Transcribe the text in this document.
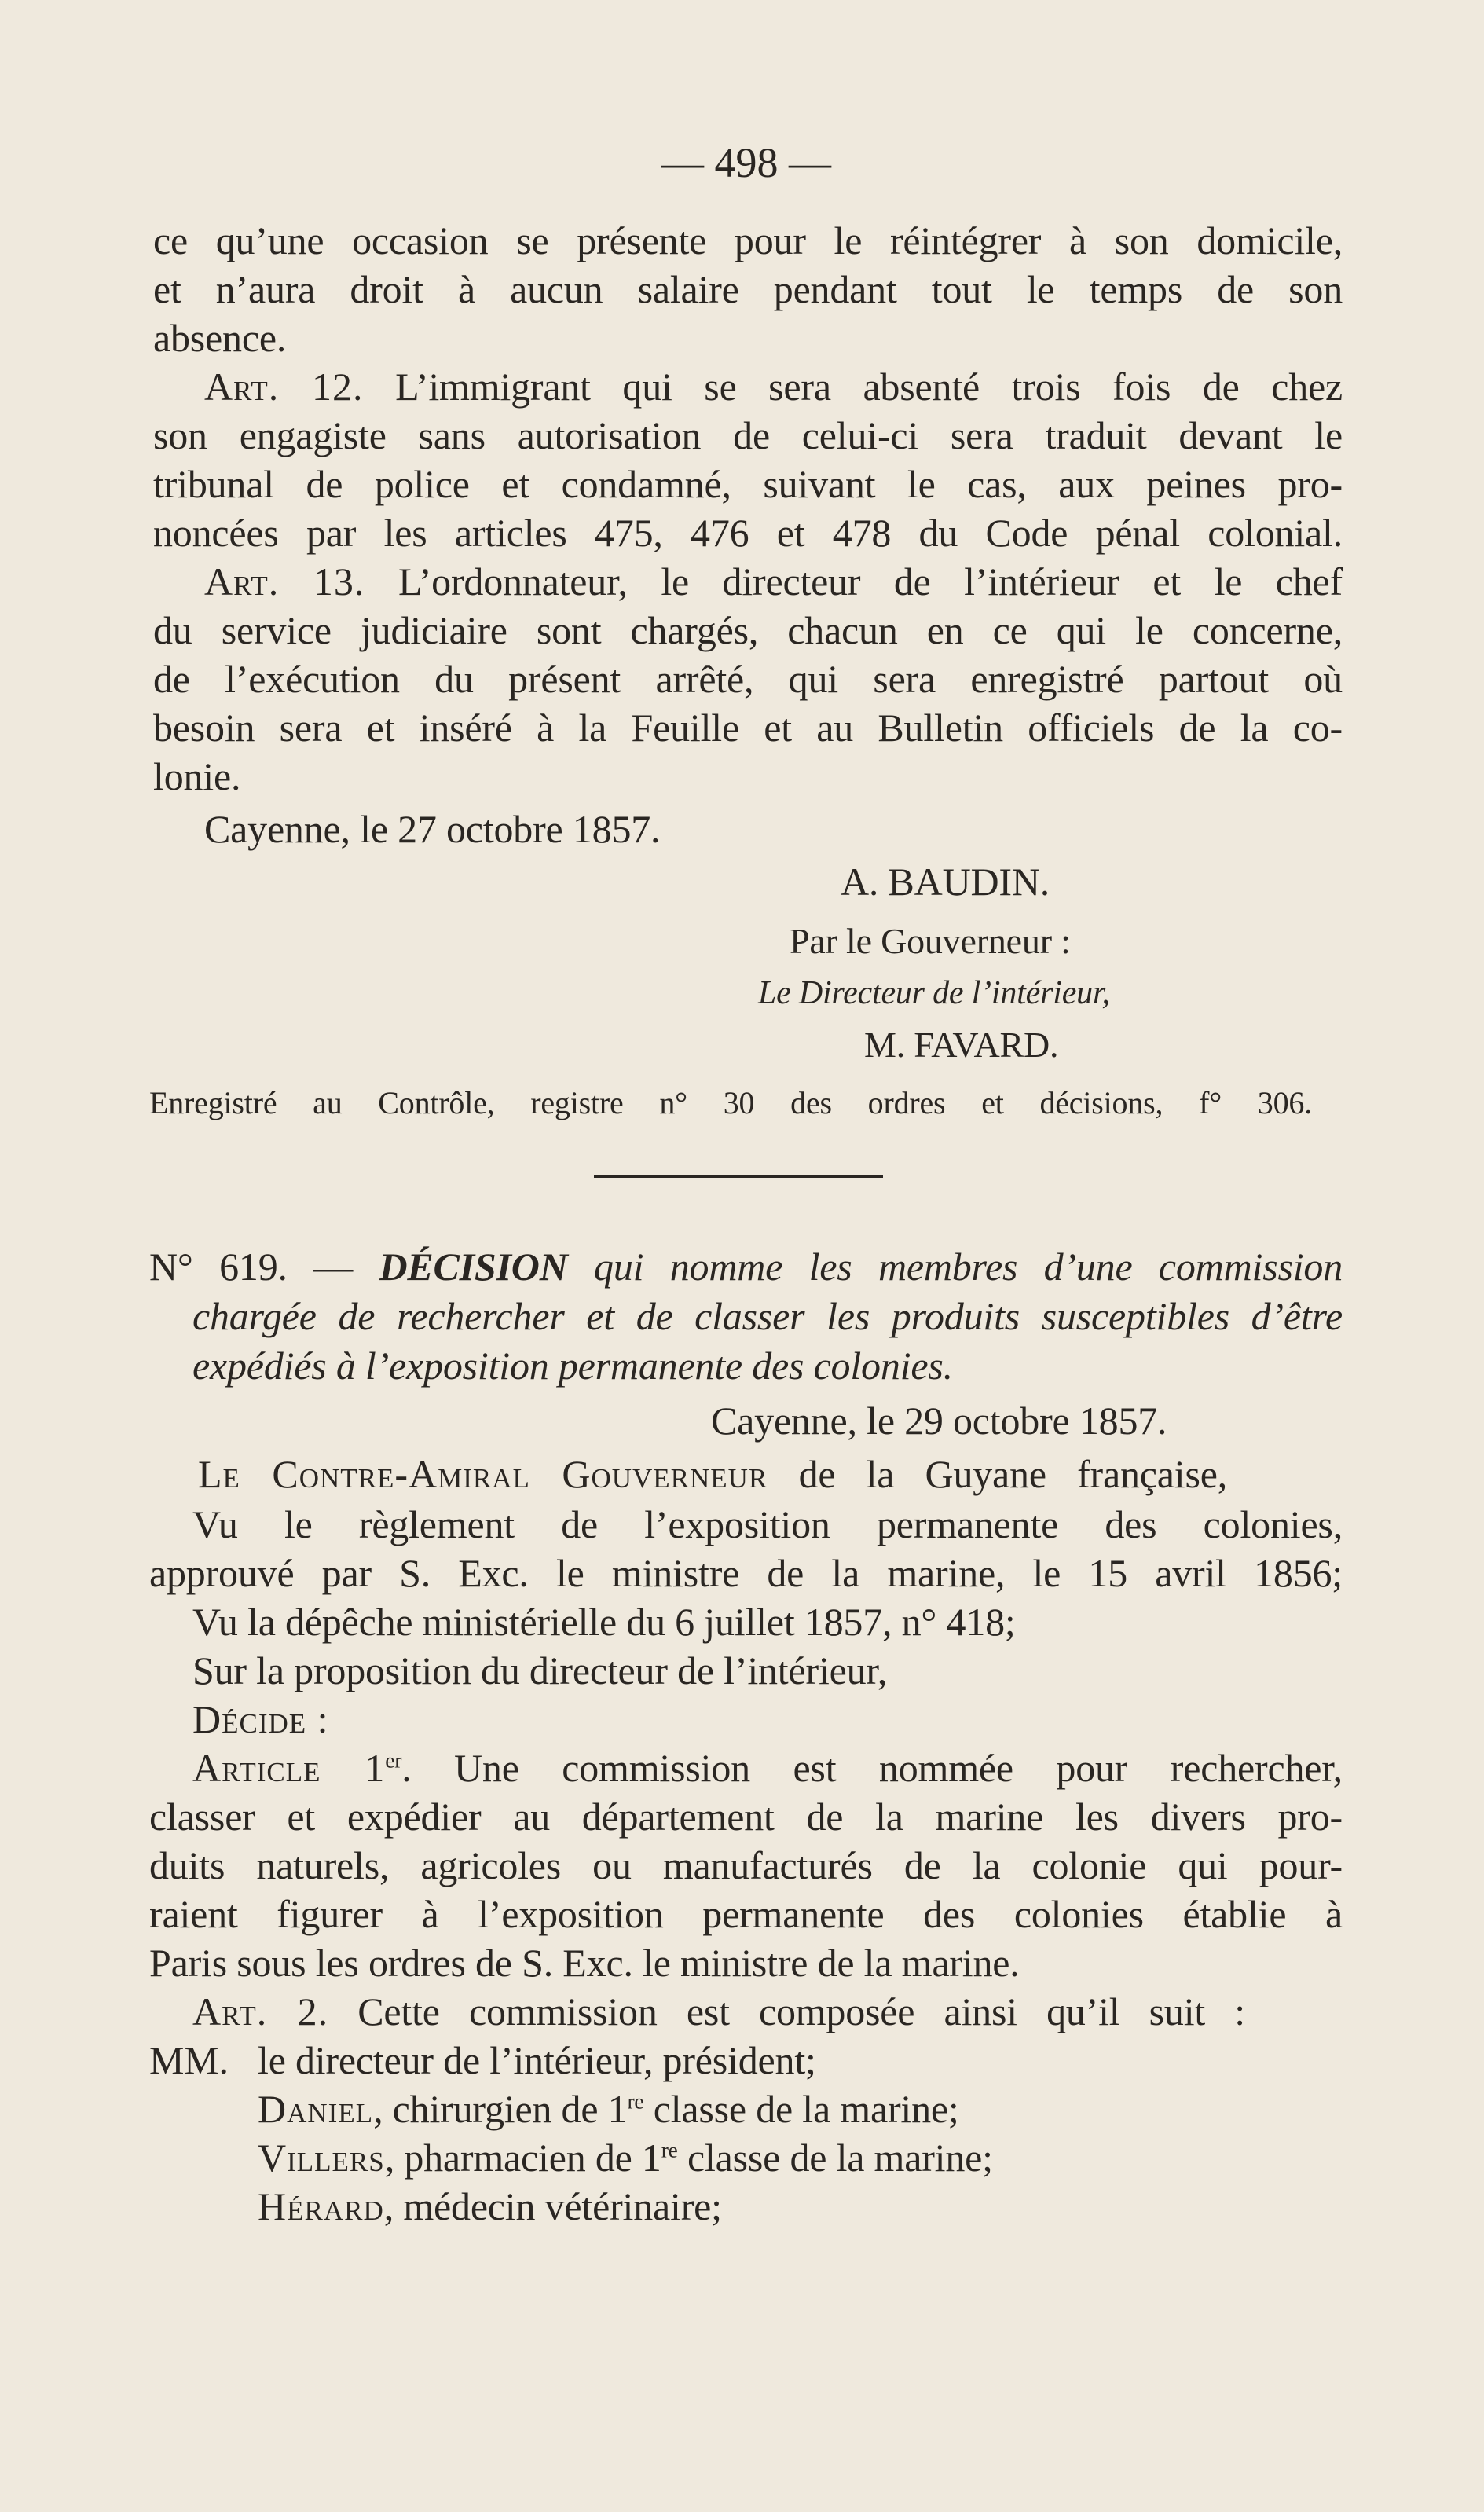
— 498 —
ce qu’une occasion se présente pour le réintégrer à son domicile,
et n’aura droit à aucun salaire pendant tout le temps de son
absence.
Art. 12. L’immigrant qui se sera absenté trois fois de chez
son engagiste sans autorisation de celui-ci sera traduit devant le
tribunal de police et condamné, suivant le cas, aux peines pro-
noncées par les articles 475, 476 et 478 du Code pénal colonial.
Art. 13. L’ordonnateur, le directeur de l’intérieur et le chef
du service judiciaire sont chargés, chacun en ce qui le concerne,
de l’exécution du présent arrêté, qui sera enregistré partout où
besoin sera et inséré à la Feuille et au Bulletin officiels de la co-
lonie.
Cayenne, le 27 octobre 1857.
A. BAUDIN.
Par le Gouverneur :
Le Directeur de l’intérieur,
M. FAVARD.
Enregistré au Contrôle, registre n° 30 des ordres et décisions, f° 306.
N° 619. — DÉCISION qui nomme les membres d’une commission
chargée de rechercher et de classer les produits susceptibles d’être
expédiés à l’exposition permanente des colonies.
Cayenne, le 29 octobre 1857.
Le Contre-Amiral Gouverneur de la Guyane française,
Vu le règlement de l’exposition permanente des colonies,
approuvé par S. Exc. le ministre de la marine, le 15 avril 1856;
Vu la dépêche ministérielle du 6 juillet 1857, n° 418;
Sur la proposition du directeur de l’intérieur,
Décide :
Article 1er. Une commission est nommée pour rechercher,
classer et expédier au département de la marine les divers pro-
duits naturels, agricoles ou manufacturés de la colonie qui pour-
raient figurer à l’exposition permanente des colonies établie à
Paris sous les ordres de S. Exc. le ministre de la marine.
Art. 2. Cette commission est composée ainsi qu’il suit :
MM. le directeur de l’intérieur, président;
Daniel, chirurgien de 1re classe de la marine;
Villers, pharmacien de 1re classe de la marine;
Hérard, médecin vétérinaire;
